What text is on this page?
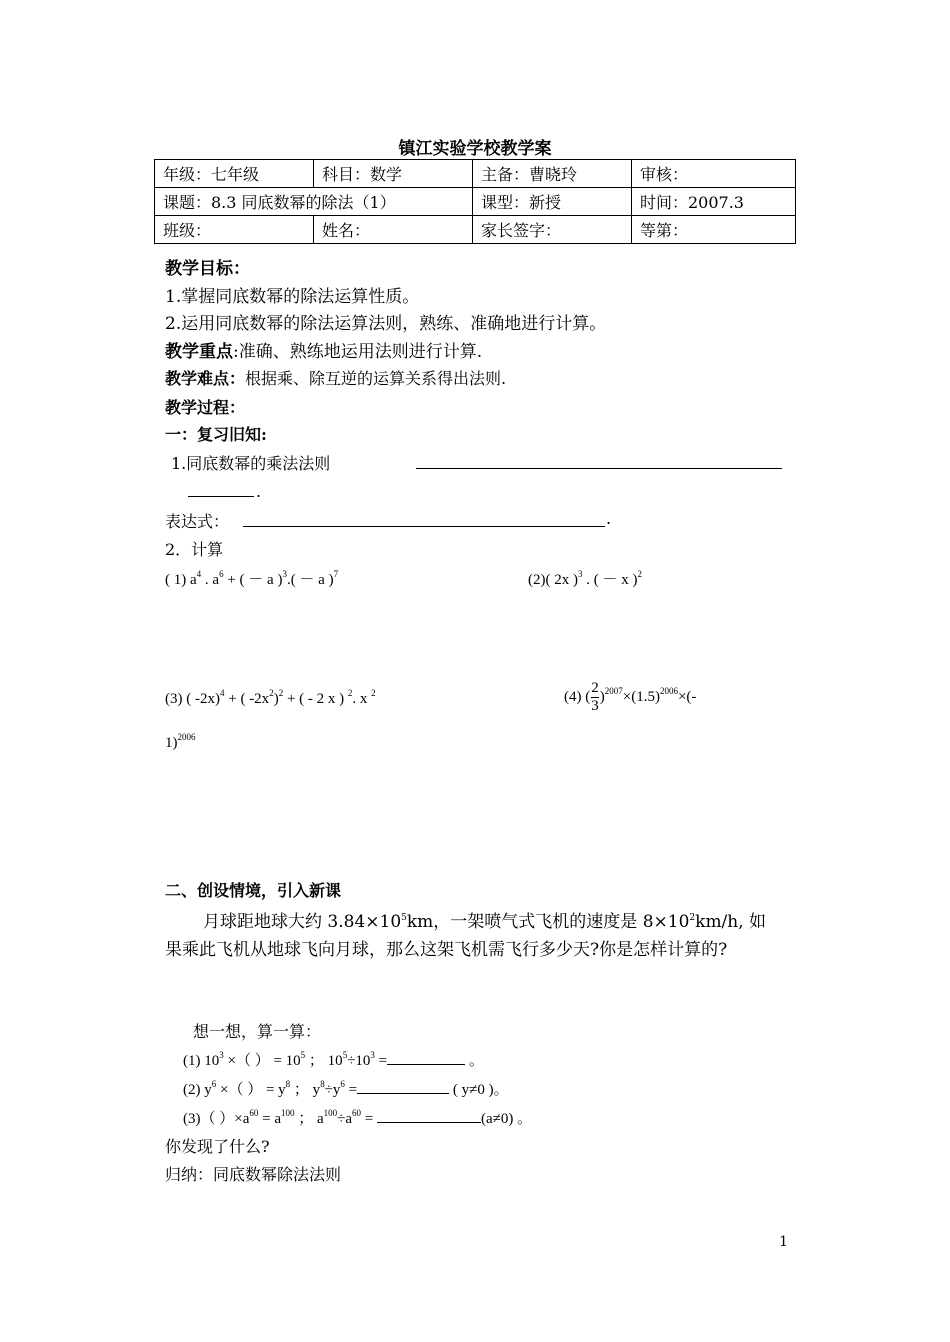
镇江实验学校教学案
年级：七年级	科目：数学	主备：曹晓玲	审核：
课题：8.3 同底数幂的除法（1）		课型：新授	时间：2007.3
班级：	姓名：	家长签字：	等第：
教学目标：
1.掌握同底数幂的除法运算性质。
2.运用同底数幂的除法运算法则，熟练、准确地进行计算。
教学重点:准确、熟练地运用法则进行计算.
教学难点：根据乘、除互逆的运算关系得出法则.
教学过程：
一：复习旧知:
1.同底数幂的乘法法则
.
表达式：	.
2．计算
( 1) $a^4$ . $a^6$ + ( － a )$^3$.( － a )$^7$	(2)( 2x )$^3$ . ( － x )$^2$
(3) ( -2x)$^4$ + ( $-2x^2)^2$ + ( - 2 x ) $^2$. x $^2$	(4) ( $\frac{2}{3} )^{2007}\times(1.5)^{2006}\times(-$
1)$^{2006}$
二、创设情境，引入新课
月球距地球大约 $3.84\times 10^5km$，一架喷气式飞机的速度是 $8\times 10^2km/h$, 如
果乘此飞机从地球飞向月球，那么这架飞机需飞行多少天?你是怎样计算的?
想一想，算一算：
(1) $10^3$ ×（ ） = $10^5$ ； $10^5\div 10^3$ =	。
(2) $y^6$ ×（ ） = $y^8$ ； $y^8\div y^6$ =	( y≠0 )。
(3)（ ）$\times a^{60} = a^{100}$ ； $a^{100}\div a^{60}$ =	(a≠0) 。
你发现了什么?
归纳：同底数幂除法法则
1
